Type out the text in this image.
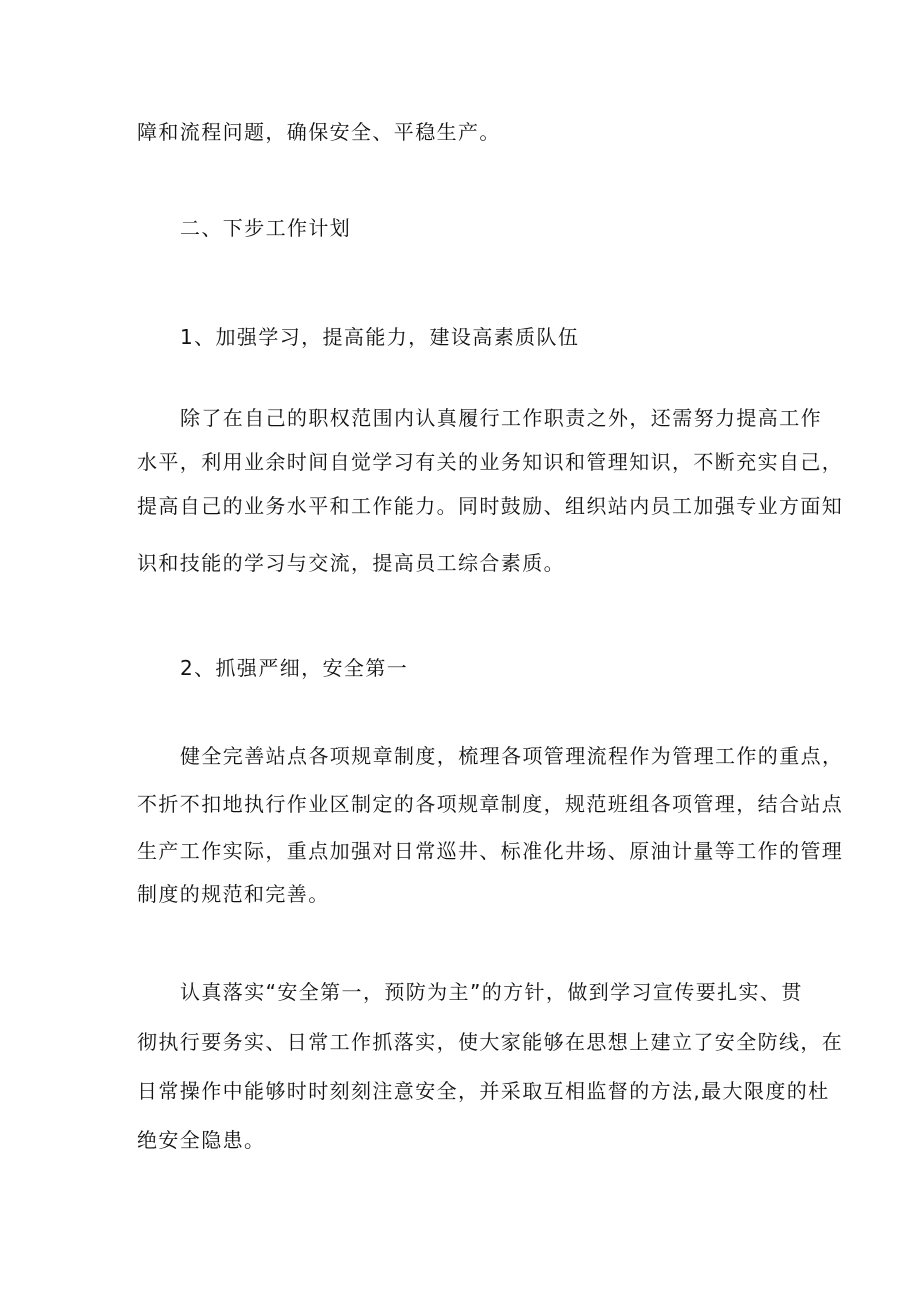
障和流程问题，确保安全、平稳生产。
二、下步工作计划
1、加强学习，提高能力，建设高素质队伍
除了在自己的职权范围内认真履行工作职责之外，还需努力提高工作
水平，利用业余时间自觉学习有关的业务知识和管理知识，不断充实自己，
提高自己的业务水平和工作能力。同时鼓励、组织站内员工加强专业方面知
识和技能的学习与交流，提高员工综合素质。
2、抓强严细，安全第一
健全完善站点各项规章制度，梳理各项管理流程作为管理工作的重点，
不折不扣地执行作业区制定的各项规章制度，规范班组各项管理，结合站点
生产工作实际，重点加强对日常巡井、标准化井场、原油计量等工作的管理
制度的规范和完善。
认真落实“安全第一，预防为主”的方针，做到学习宣传要扎实、贯
彻执行要务实、日常工作抓落实，使大家能够在思想上建立了安全防线，在
日常操作中能够时时刻刻注意安全，并采取互相监督的方法,最大限度的杜
绝安全隐患。
